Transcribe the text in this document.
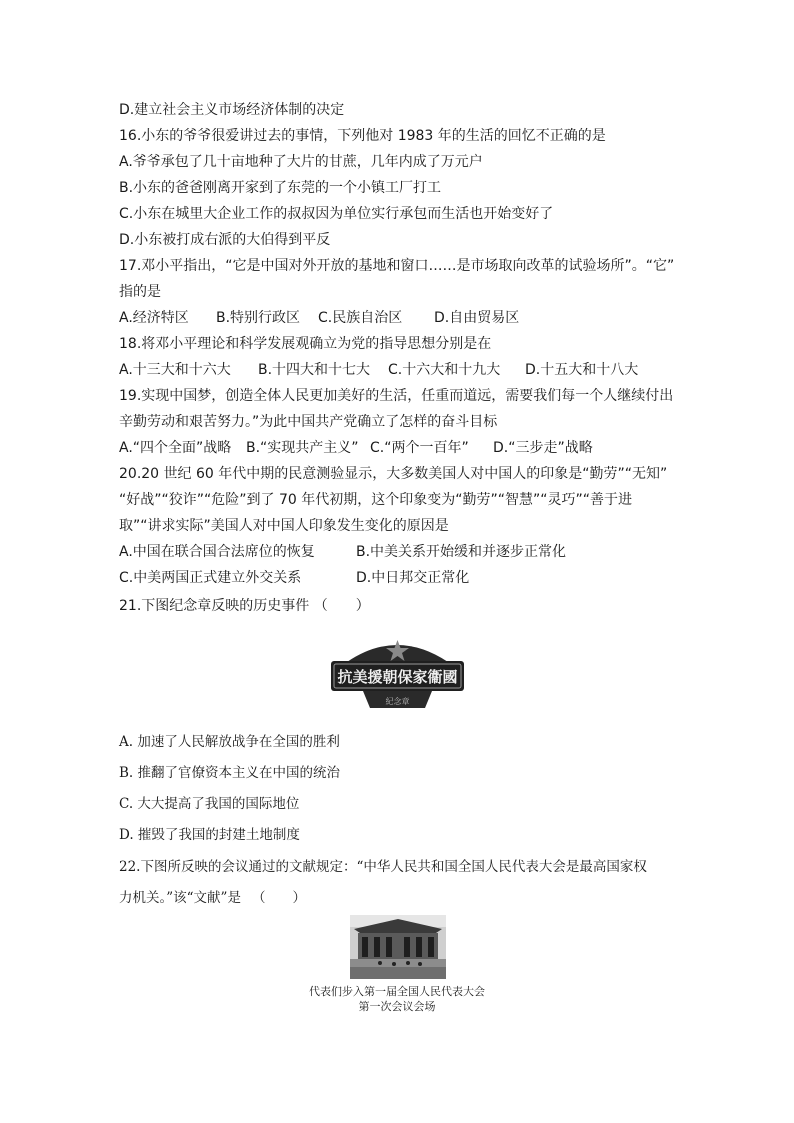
D.建立社会主义市场经济体制的决定
16.小东的爷爷很爱讲过去的事情，下列他对 1983 年的生活的回忆不正确的是
A.爷爷承包了几十亩地种了大片的甘蔗，几年内成了万元户
B.小东的爸爸刚离开家到了东莞的一个小镇工厂打工
C.小东在城里大企业工作的叔叔因为单位实行承包而生活也开始变好了
D.小东被打成右派的大伯得到平反
17.邓小平指出，“它是中国对外开放的基地和窗口……是市场取向改革的试验场所”。“它”
指的是
A.经济特区 B.特别行政区 C.民族自治区 D.自由贸易区
18.将邓小平理论和科学发展观确立为党的指导思想分别是在
A.十三大和十六大 B.十四大和十七大 C.十六大和十九大 D.十五大和十八大
19.实现中国梦，创造全体人民更加美好的生活，任重而道远，需要我们每一个人继续付出
辛勤劳动和艰苦努力。”为此中国共产党确立了怎样的奋斗目标
A.“四个全面”战略 B.“实现共产主义” C.“两个一百年” D.“三步走”战略
20.20 世纪 60 年代中期的民意测验显示，大多数美国人对中国人的印象是“勤劳”“无知”
“好战”“狡诈”“危险”到了 70 年代初期，这个印象变为“勤劳”“智慧”“灵巧”“善于进
取”“讲求实际”美国人对中国人印象发生变化的原因是
A.中国在联合国合法席位的恢复	B.中美关系开始缓和并逐步正常化
C.中美两国正式建立外交关系	D.中日邦交正常化
21.下图纪念章反映的历史事件 （　　）
抗美援朝保家衞國
紀念章
A. 加速了人民解放战争在全国的胜利
B. 推翻了官僚资本主义在中国的统治
C. 大大提高了我国的国际地位
D. 摧毁了我国的封建土地制度
22.下图所反映的会议通过的文献规定：“中华人民共和国全国人民代表大会是最高国家权
力机关。”该“文献”是 　（　　）
代表们步入第一届全国人民代表大会
第一次会议会场
